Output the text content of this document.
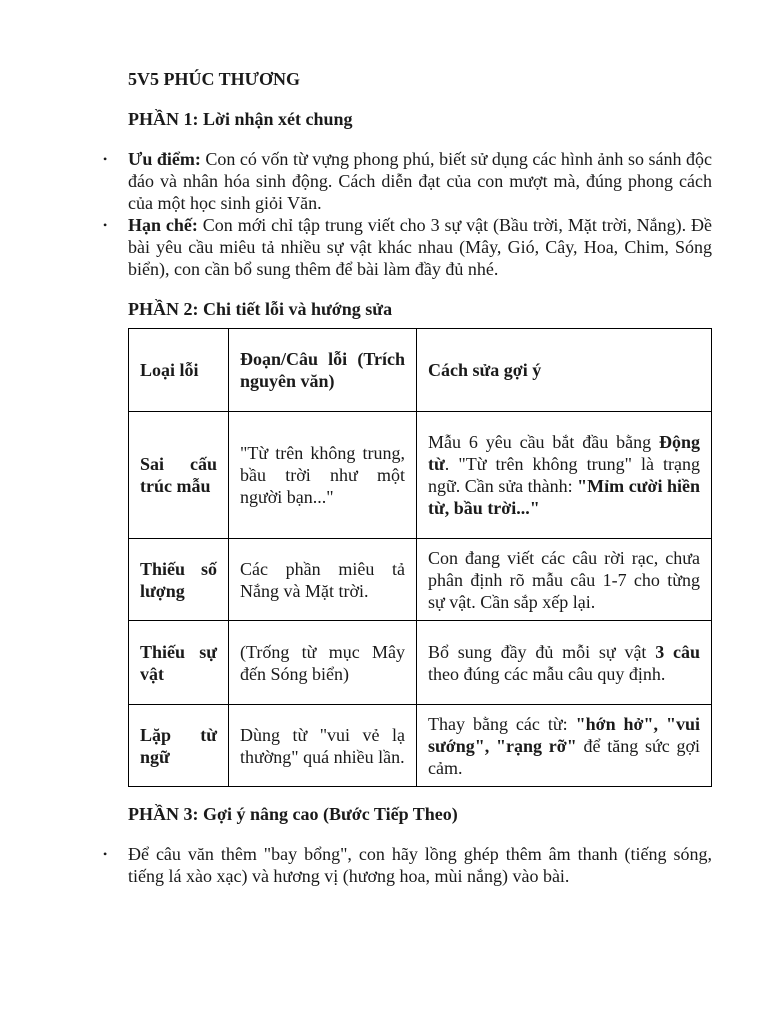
5V5 PHÚC THƯƠNG

PHẦN 1: Lời nhận xét chung

• Ưu điểm: Con có vốn từ vựng phong phú, biết sử dụng các hình ảnh so sánh độc đáo và nhân hóa sinh động. Cách diễn đạt của con mượt mà, đúng phong cách của một học sinh giỏi Văn.
• Hạn chế: Con mới chỉ tập trung viết cho 3 sự vật (Bầu trời, Mặt trời, Nắng). Đề bài yêu cầu miêu tả nhiều sự vật khác nhau (Mây, Gió, Cây, Hoa, Chim, Sóng biển), con cần bổ sung thêm để bài làm đầy đủ nhé.

PHẦN 2: Chi tiết lỗi và hướng sửa

Loại lỗi	Đoạn/Câu lỗi (Trích nguyên văn)	Cách sửa gợi ý
Sai cấu trúc mẫu	"Từ trên không trung, bầu trời như một người bạn..."	Mẫu 6 yêu cầu bắt đầu bằng Động từ. "Từ trên không trung" là trạng ngữ. Cần sửa thành: "Mỉm cười hiền từ, bầu trời..."
Thiếu số lượng	Các phần miêu tả Nắng và Mặt trời.	Con đang viết các câu rời rạc, chưa phân định rõ mẫu câu 1-7 cho từng sự vật. Cần sắp xếp lại.
Thiếu sự vật	(Trống từ mục Mây đến Sóng biển)	Bổ sung đầy đủ mỗi sự vật 3 câu theo đúng các mẫu câu quy định.
Lặp từ ngữ	Dùng từ "vui vẻ lạ thường" quá nhiều lần.	Thay bằng các từ: "hớn hở", "vui sướng", "rạng rỡ" để tăng sức gợi cảm.

PHẦN 3: Gợi ý nâng cao (Bước Tiếp Theo)

• Để câu văn thêm "bay bổng", con hãy lồng ghép thêm âm thanh (tiếng sóng, tiếng lá xào xạc) và hương vị (hương hoa, mùi nắng) vào bài.
